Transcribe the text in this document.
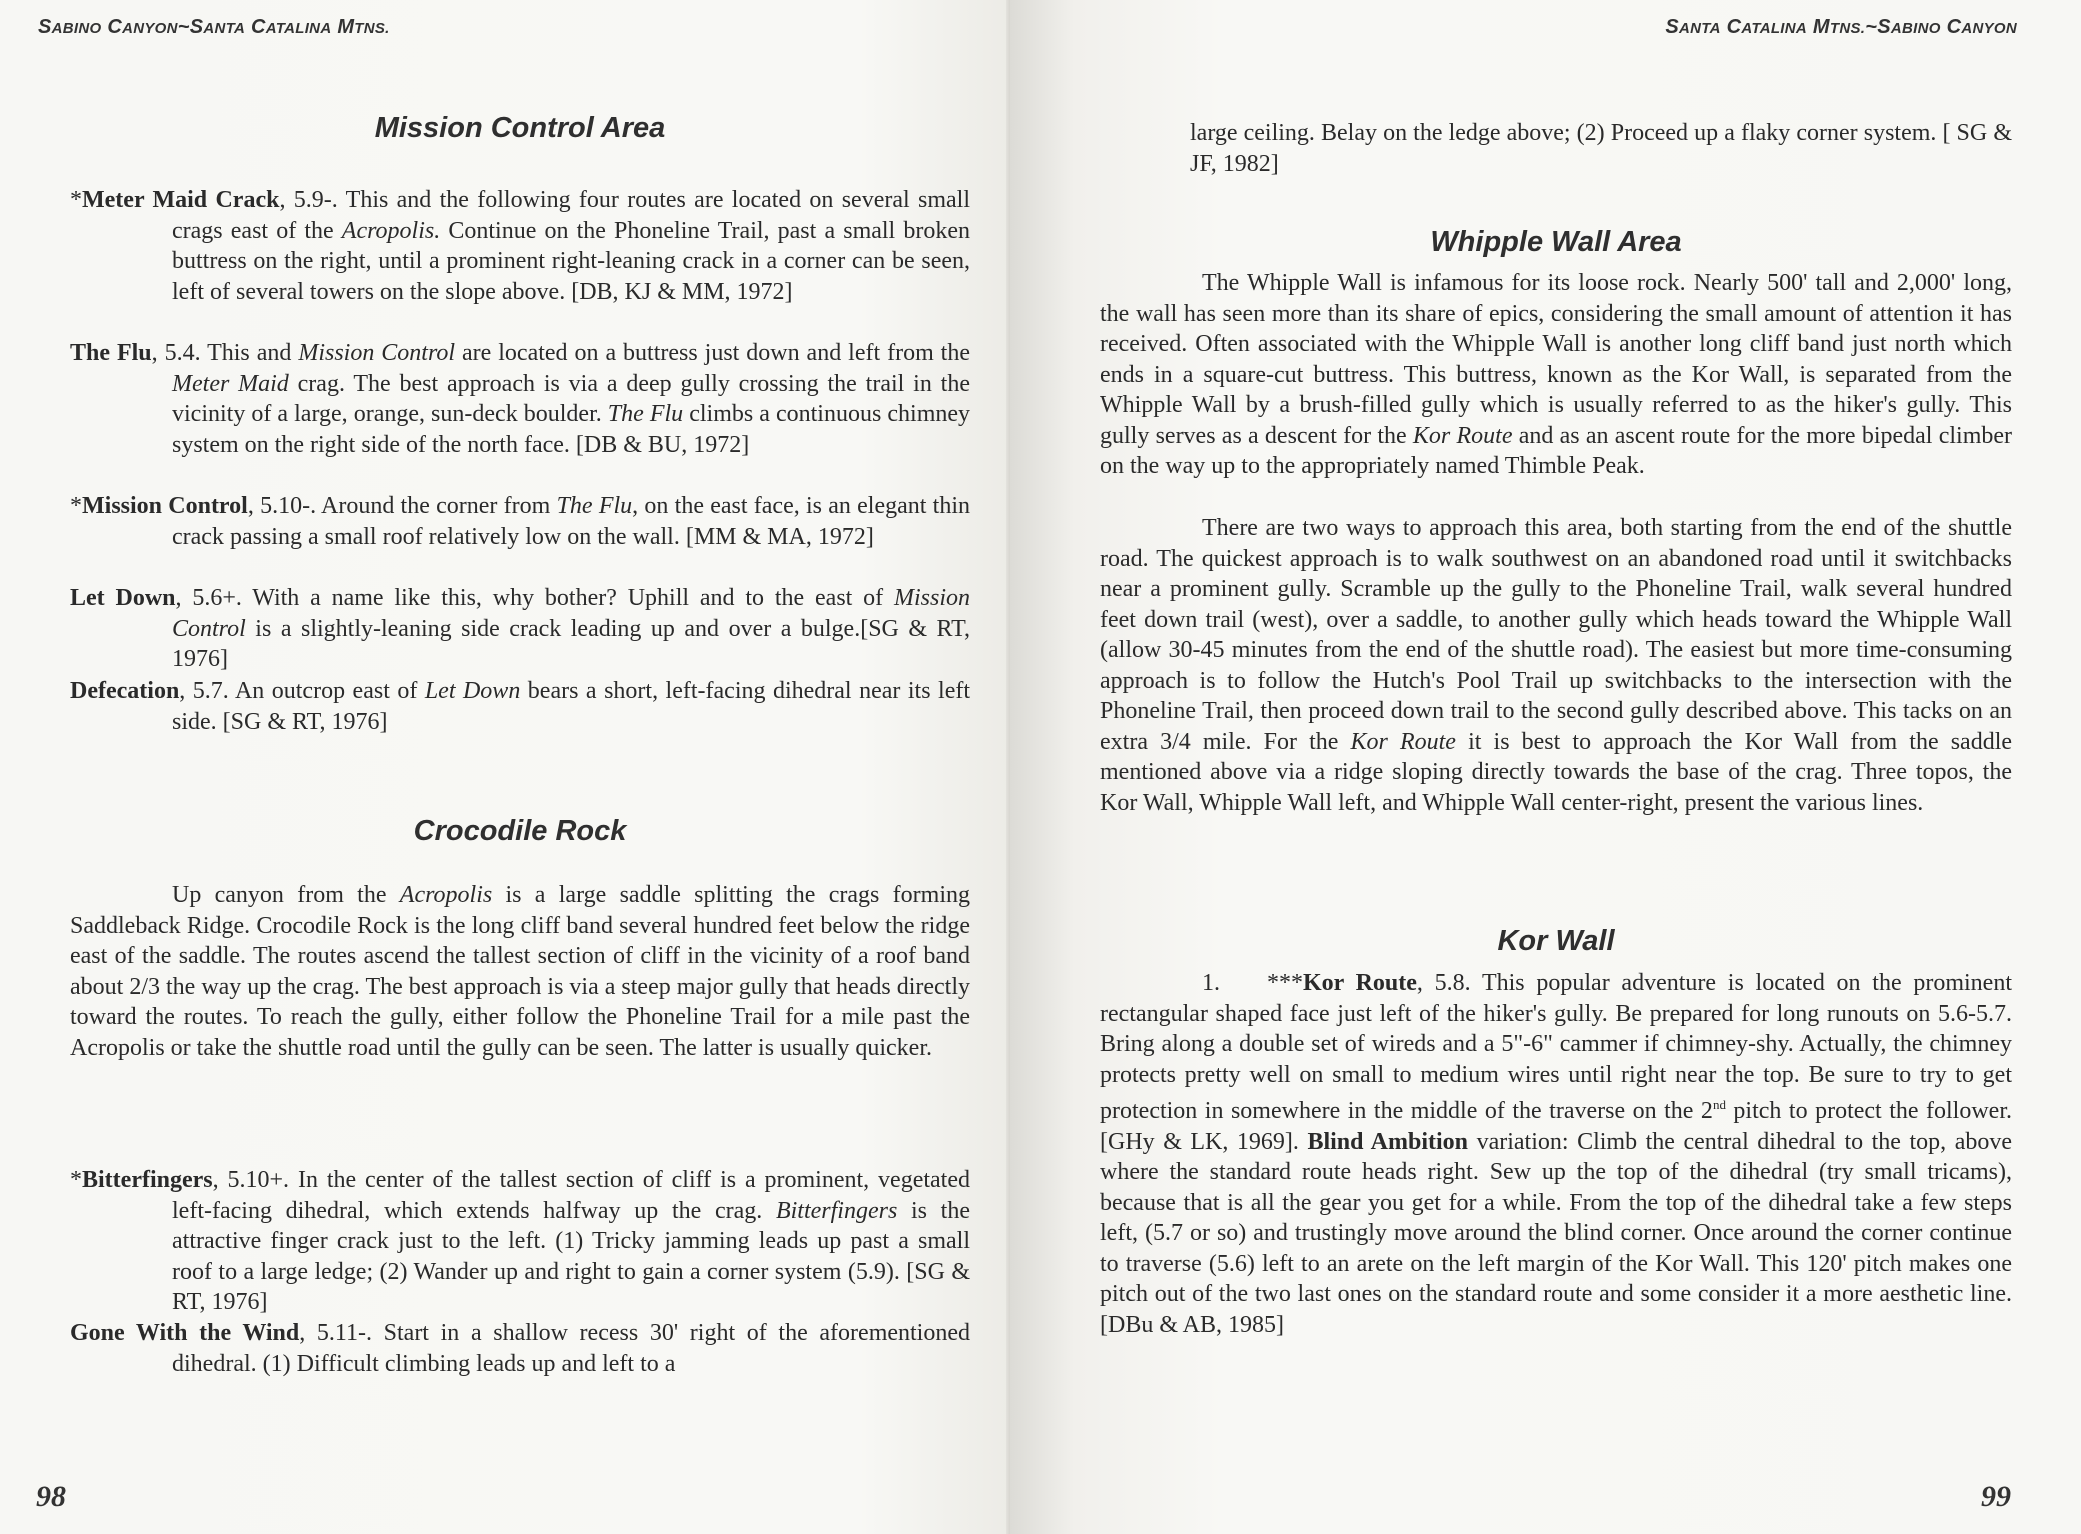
SABINO CANYON~SANTA CATALINA MTNS.
Mission Control Area
*Meter Maid Crack, 5.9-. This and the following four routes are located on several small crags east of the Acropolis. Continue on the Phoneline Trail, past a small broken buttress on the right, until a prominent right-leaning crack in a corner can be seen, left of several towers on the slope above. [DB, KJ & MM, 1972]
The Flu, 5.4. This and Mission Control are located on a buttress just down and left from the Meter Maid crag. The best approach is via a deep gully crossing the trail in the vicinity of a large, orange, sun-deck boulder. The Flu climbs a continuous chimney system on the right side of the north face. [DB & BU, 1972]
*Mission Control, 5.10-. Around the corner from The Flu, on the east face, is an elegant thin crack passing a small roof relatively low on the wall. [MM & MA, 1972]
Let Down, 5.6+. With a name like this, why bother? Uphill and to the east of Mission Control is a slightly-leaning side crack leading up and over a bulge.[SG & RT, 1976]
Defecation, 5.7. An outcrop east of Let Down bears a short, left-facing dihedral near its left side. [SG & RT, 1976]
Crocodile Rock
Up canyon from the Acropolis is a large saddle splitting the crags forming Saddleback Ridge. Crocodile Rock is the long cliff band several hundred feet below the ridge east of the saddle. The routes ascend the tallest section of cliff in the vicinity of a roof band about 2/3 the way up the crag. The best approach is via a steep major gully that heads directly toward the routes. To reach the gully, either follow the Phoneline Trail for a mile past the Acropolis or take the shuttle road until the gully can be seen. The latter is usually quicker.
*Bitterfingers, 5.10+. In the center of the tallest section of cliff is a prominent, vegetated left-facing dihedral, which extends halfway up the crag. Bitterfingers is the attractive finger crack just to the left. (1) Tricky jamming leads up past a small roof to a large ledge; (2) Wander up and right to gain a corner system (5.9). [SG & RT, 1976]
Gone With the Wind, 5.11-. Start in a shallow recess 30' right of the aforementioned dihedral. (1) Difficult climbing leads up and left to a
98
SANTA CATALINA MTNS.~SABINO CANYON
large ceiling. Belay on the ledge above; (2) Proceed up a flaky corner system. [ SG & JF, 1982]
Whipple Wall Area
The Whipple Wall is infamous for its loose rock. Nearly 500' tall and 2,000' long, the wall has seen more than its share of epics, considering the small amount of attention it has received. Often associated with the Whipple Wall is another long cliff band just north which ends in a square-cut buttress. This buttress, known as the Kor Wall, is separated from the Whipple Wall by a brush-filled gully which is usually referred to as the hiker's gully. This gully serves as a descent for the Kor Route and as an ascent route for the more bipedal climber on the way up to the appropriately named Thimble Peak.
There are two ways to approach this area, both starting from the end of the shuttle road. The quickest approach is to walk southwest on an abandoned road until it switchbacks near a prominent gully. Scramble up the gully to the Phoneline Trail, walk several hundred feet down trail (west), over a saddle, to another gully which heads toward the Whipple Wall (allow 30-45 minutes from the end of the shuttle road). The easiest but more time-consuming approach is to follow the Hutch's Pool Trail up switchbacks to the intersection with the Phoneline Trail, then proceed down trail to the second gully described above. This tacks on an extra 3/4 mile. For the Kor Route it is best to approach the Kor Wall from the saddle mentioned above via a ridge sloping directly towards the base of the crag. Three topos, the Kor Wall, Whipple Wall left, and Whipple Wall center-right, present the various lines.
Kor Wall
1. ***Kor Route, 5.8. This popular adventure is located on the prominent rectangular shaped face just left of the hiker's gully. Be prepared for long runouts on 5.6-5.7. Bring along a double set of wireds and a 5"-6" cammer if chimney-shy. Actually, the chimney protects pretty well on small to medium wires until right near the top. Be sure to try to get protection in somewhere in the middle of the traverse on the 2nd pitch to protect the follower. [GHy & LK, 1969]. Blind Ambition variation: Climb the central dihedral to the top, above where the standard route heads right. Sew up the top of the dihedral (try small tricams), because that is all the gear you get for a while. From the top of the dihedral take a few steps left, (5.7 or so) and trustingly move around the blind corner. Once around the corner continue to traverse (5.6) left to an arete on the left margin of the Kor Wall. This 120' pitch makes one pitch out of the two last ones on the standard route and some consider it a more aesthetic line. [DBu & AB, 1985]
99
